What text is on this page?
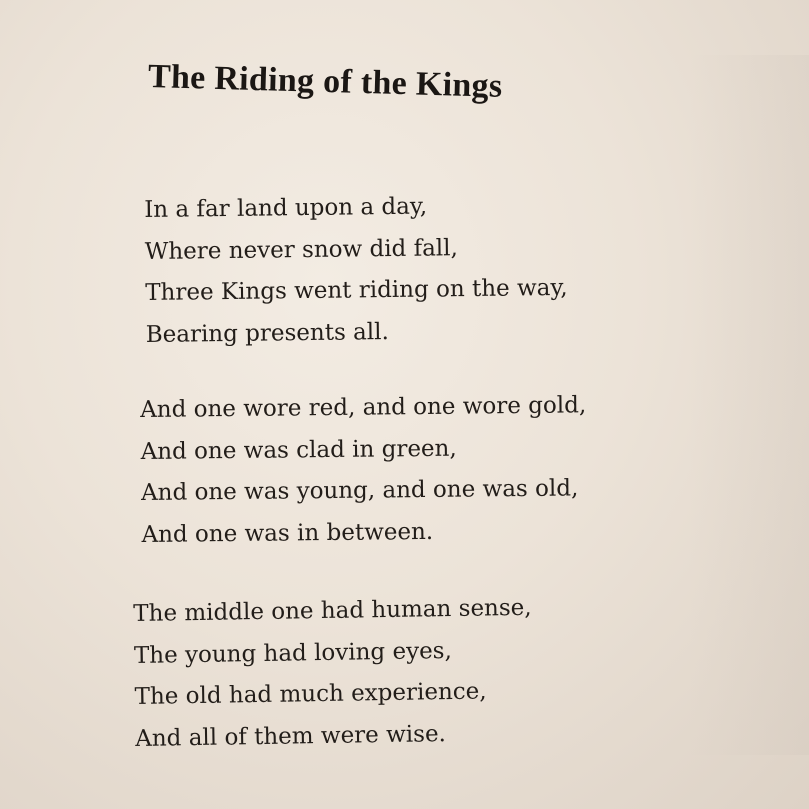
The Riding of the Kings
In a far land upon a day,
Where never snow did fall,
Three Kings went riding on the way,
Bearing presents all.
And one wore red, and one wore gold,
And one was clad in green,
And one was young, and one was old,
And one was in between.
The middle one had human sense,
The young had loving eyes,
The old had much experience,
And all of them were wise.
